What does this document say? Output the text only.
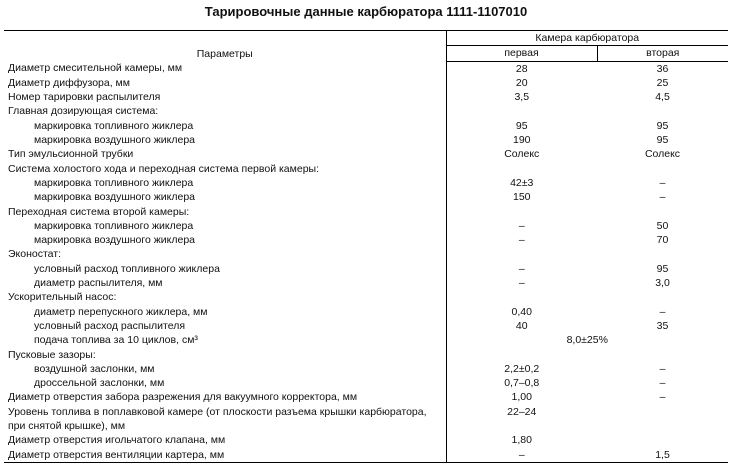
Тарировочные данные карбюратора 1111-1107010
Параметры	Камера карбюратора	
	первая	вторая
Диаметр смесительной камеры, мм	28	36
Диаметр диффузора, мм	20	25
Номер тарировки распылителя	3,5	4,5
Главная дозирующая система:		
маркировка топливного жиклера	95	95
маркировка воздушного жиклера	190	95
Тип эмульсионной трубки	Солекс	Солекс
Система холостого хода и переходная система первой камеры:		
маркировка топливного жиклера	42±3	–
маркировка воздушного жиклера	150	–
Переходная система второй камеры:		
маркировка топливного жиклера	–	50
маркировка воздушного жиклера	–	70
Эконостат:		
условный расход топливного жиклера	–	95
диаметр распылителя, мм	–	3,0
Ускорительный насос:		
диаметр перепускного жиклера, мм	0,40	–
условный расход распылителя	40	35
подача топлива за 10 циклов, см³	8,0±25%	
Пусковые зазоры:		
воздушной заслонки, мм	2,2±0,2	–
дроссельной заслонки, мм	0,7–0,8	–
Диаметр отверстия забора разрежения для вакуумного корректора, мм	1,00	–
Уровень топлива в поплавковой камере (от плоскости разъема крышки карбюратора, при снятой крышке), мм	22–24	
Диаметр отверстия игольчатого клапана, мм	1,80	
Диаметр отверстия вентиляции картера, мм	–	1,5
